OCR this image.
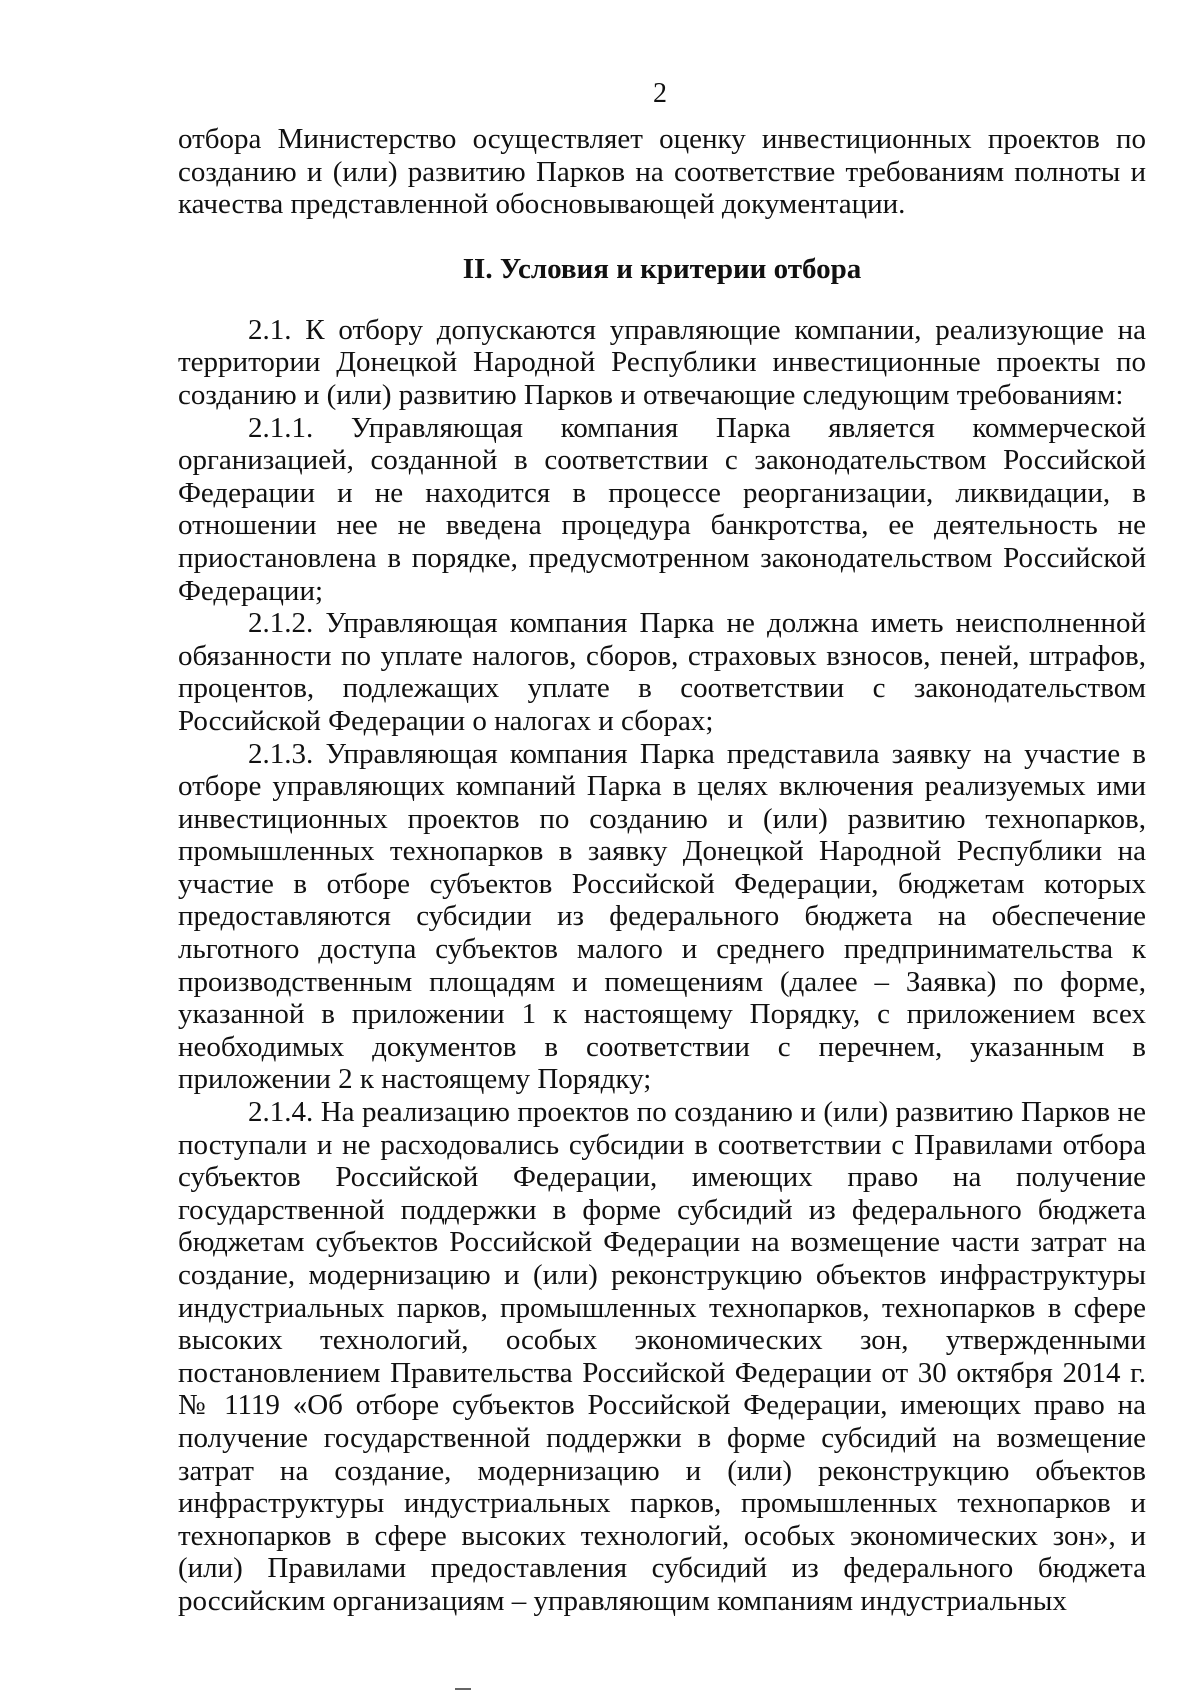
2

отбора Министерство осуществляет оценку инвестиционных проектов по созданию и (или) развитию Парков на соответствие требованиям полноты и качества представленной обосновывающей документации.

II. Условия и критерии отбора

2.1. К отбору допускаются управляющие компании, реализующие на территории Донецкой Народной Республики инвестиционные проекты по созданию и (или) развитию Парков и отвечающие следующим требованиям:

2.1.1. Управляющая компания Парка является коммерческой организацией, созданной в соответствии с законодательством Российской Федерации и не находится в процессе реорганизации, ликвидации, в отношении нее не введена процедура банкротства, ее деятельность не приостановлена в порядке, предусмотренном законодательством Российской Федерации;

2.1.2. Управляющая компания Парка не должна иметь неисполненной обязанности по уплате налогов, сборов, страховых взносов, пеней, штрафов, процентов, подлежащих уплате в соответствии с законодательством Российской Федерации о налогах и сборах;

2.1.3. Управляющая компания Парка представила заявку на участие в отборе управляющих компаний Парка в целях включения реализуемых ими инвестиционных проектов по созданию и (или) развитию технопарков, промышленных технопарков в заявку Донецкой Народной Республики на участие в отборе субъектов Российской Федерации, бюджетам которых предоставляются субсидии из федерального бюджета на обеспечение льготного доступа субъектов малого и среднего предпринимательства к производственным площадям и помещениям (далее – Заявка) по форме, указанной в приложении 1 к настоящему Порядку, с приложением всех необходимых документов в соответствии с перечнем, указанным в приложении 2 к настоящему Порядку;

2.1.4. На реализацию проектов по созданию и (или) развитию Парков не поступали и не расходовались субсидии в соответствии с Правилами отбора субъектов Российской Федерации, имеющих право на получение государственной поддержки в форме субсидий из федерального бюджета бюджетам субъектов Российской Федерации на возмещение части затрат на создание, модернизацию и (или) реконструкцию объектов инфраструктуры индустриальных парков, промышленных технопарков, технопарков в сфере высоких технологий, особых экономических зон, утвержденными постановлением Правительства Российской Федерации от 30 октября 2014 г. № 1119 «Об отборе субъектов Российской Федерации, имеющих право на получение государственной поддержки в форме субсидий на возмещение затрат на создание, модернизацию и (или) реконструкцию объектов инфраструктуры индустриальных парков, промышленных технопарков и технопарков в сфере высоких технологий, особых экономических зон», и (или) Правилами предоставления субсидий из федерального бюджета российским организациям – управляющим компаниям индустриальных
